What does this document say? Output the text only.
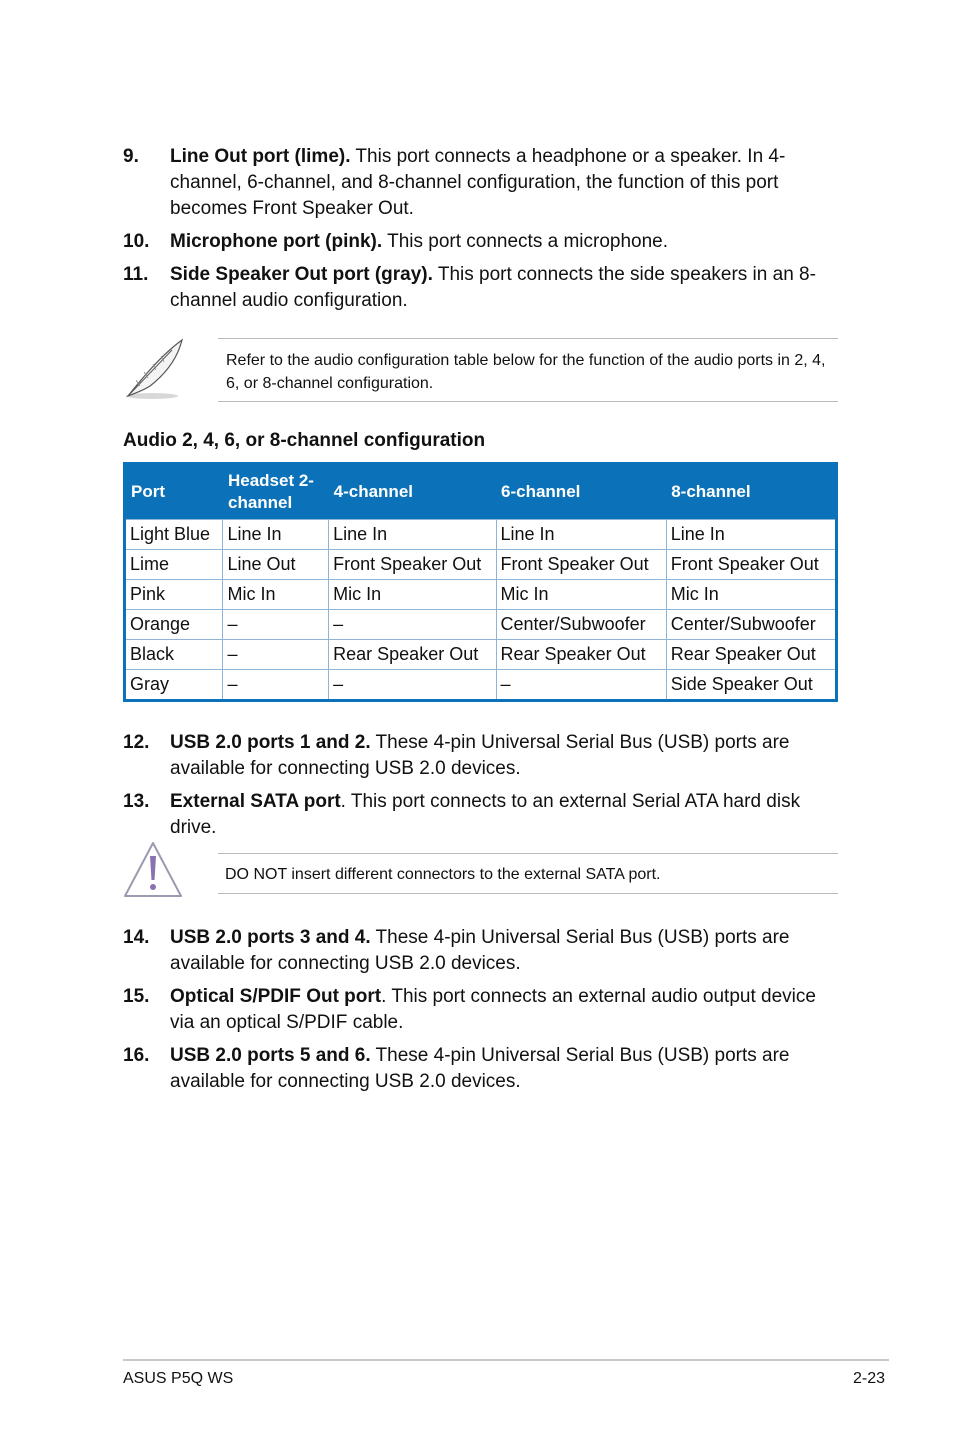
9. Line Out port (lime). This port connects a headphone or a speaker. In 4-channel, 6-channel, and 8-channel configuration, the function of this port becomes Front Speaker Out.
10. Microphone port (pink). This port connects a microphone.
11. Side Speaker Out port (gray). This port connects the side speakers in an 8-channel audio configuration.
Refer to the audio configuration table below for the function of the audio ports in 2, 4, 6, or 8-channel configuration.
Audio 2, 4, 6, or 8-channel configuration
Port	Headset 2-channel	4-channel	6-channel	8-channel
Light Blue	Line In	Line In	Line In	Line In
Lime	Line Out	Front Speaker Out	Front Speaker Out	Front Speaker Out
Pink	Mic In	Mic In	Mic In	Mic In
Orange	–	–	Center/Subwoofer	Center/Subwoofer
Black	–	Rear Speaker Out	Rear Speaker Out	Rear Speaker Out
Gray	–	–	–	Side Speaker Out
12. USB 2.0 ports 1 and 2. These 4-pin Universal Serial Bus (USB) ports are available for connecting USB 2.0 devices.
13. External SATA port. This port connects to an external Serial ATA hard disk drive.
DO NOT insert different connectors to the external SATA port.
14. USB 2.0 ports 3 and 4. These 4-pin Universal Serial Bus (USB) ports are available for connecting USB 2.0 devices.
15. Optical S/PDIF Out port. This port connects an external audio output device via an optical S/PDIF cable.
16. USB 2.0 ports 5 and 6. These 4-pin Universal Serial Bus (USB) ports are available for connecting USB 2.0 devices.
ASUS P5Q WS	2-23
